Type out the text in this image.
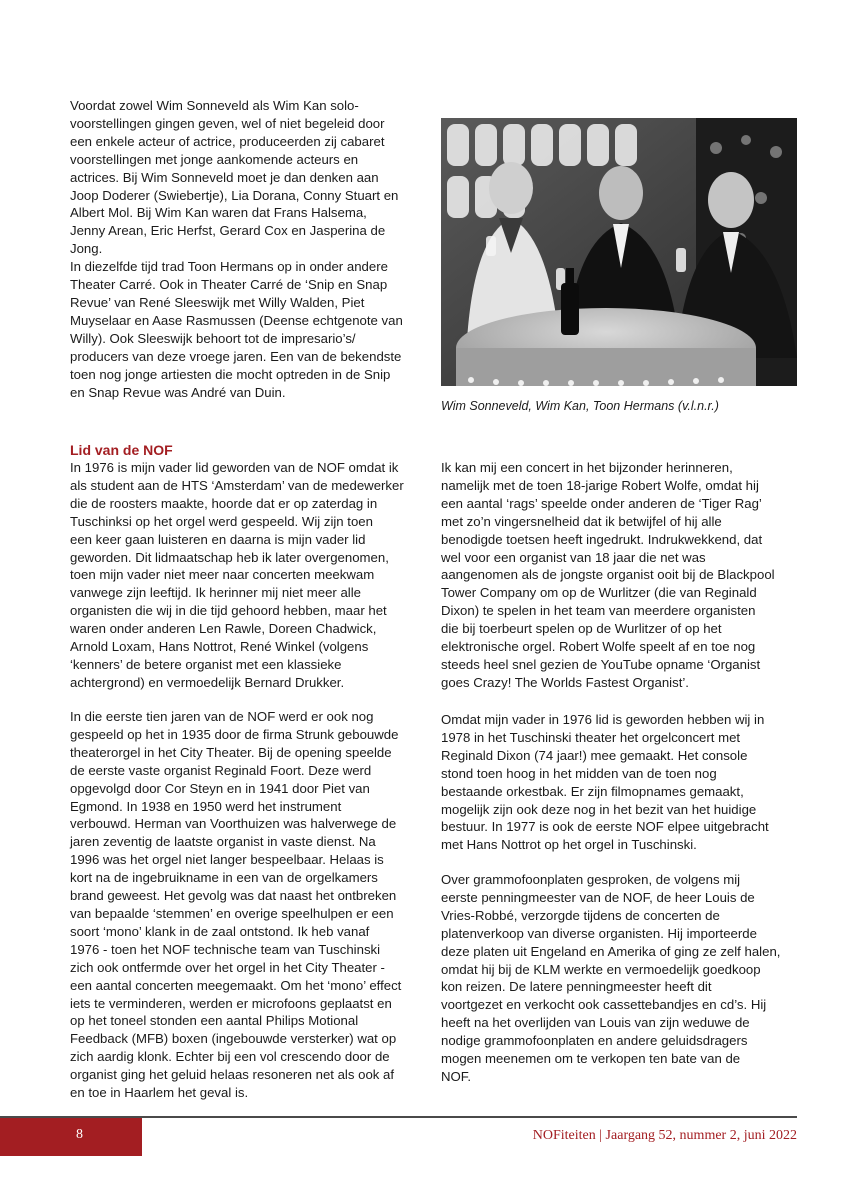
Voordat zowel Wim Sonneveld als Wim Kan solo-
voorstellingen gingen geven, wel of niet begeleid door
een enkele acteur of actrice, produceerden zij cabaret
voorstellingen met jonge aankomende acteurs en
actrices. Bij Wim Sonneveld moet je dan denken aan
Joop Doderer (Swiebertje), Lia Dorana, Conny Stuart en
Albert Mol. Bij Wim Kan waren dat Frans Halsema,
Jenny Arean, Eric Herfst, Gerard Cox en Jasperina de
Jong.
In diezelfde tijd trad Toon Hermans op in onder andere
Theater Carré. Ook in Theater Carré de ‘Snip en Snap
Revue’ van René Sleeswijk met Willy Walden, Piet
Muyselaar en Aase Rasmussen (Deense echtgenote van
Willy). Ook Sleeswijk behoort tot de impresario’s/
producers van deze vroege jaren. Een van de bekendste
toen nog jonge artiesten die mocht optreden in de Snip
en Snap Revue was André van Duin.

Wim Sonneveld, Wim Kan, Toon Hermans (v.l.n.r.)

Lid van de NOF

In 1976 is mijn vader lid geworden van de NOF omdat ik
als student aan de HTS ‘Amsterdam’ van de medewerker
die de roosters maakte, hoorde dat er op zaterdag in
Tuschinksi op het orgel werd gespeeld. Wij zijn toen
een keer gaan luisteren en daarna is mijn vader lid
geworden. Dit lidmaatschap heb ik later overgenomen,
toen mijn vader niet meer naar concerten meekwam
vanwege zijn leeftijd. Ik herinner mij niet meer alle
organisten die wij in die tijd gehoord hebben, maar het
waren onder anderen Len Rawle, Doreen Chadwick,
Arnold Loxam, Hans Nottrot, René Winkel (volgens
‘kenners’ de betere organist met een klassieke
achtergrond) en vermoedelijk Bernard Drukker.

In die eerste tien jaren van de NOF werd er ook nog
gespeeld op het in 1935 door de firma Strunk gebouwde
theaterorgel in het City Theater. Bij de opening speelde
de eerste vaste organist Reginald Foort. Deze werd
opgevolgd door Cor Steyn en in 1941 door Piet van
Egmond. In 1938 en 1950 werd het instrument
verbouwd. Herman van Voorthuizen was halverwege de
jaren zeventig de laatste organist in vaste dienst. Na
1996 was het orgel niet langer bespeelbaar. Helaas is
kort na de ingebruikname in een van de orgelkamers
brand geweest. Het gevolg was dat naast het ontbreken
van bepaalde ‘stemmen’ en overige speelhulpen er een
soort ‘mono’ klank in de zaal ontstond. Ik heb vanaf
1976 - toen het NOF technische team van Tuschinski
zich ook ontfermde over het orgel in het City Theater -
een aantal concerten meegemaakt. Om het ‘mono’ effect
iets te verminderen, werden er microfoons geplaatst en
op het toneel stonden een aantal Philips Motional
Feedback (MFB) boxen (ingebouwde versterker) wat op
zich aardig klonk. Echter bij een vol crescendo door de
organist ging het geluid helaas resoneren net als ook af
en toe in Haarlem het geval is.

Ik kan mij een concert in het bijzonder herinneren,
namelijk met de toen 18-jarige Robert Wolfe, omdat hij
een aantal ‘rags’ speelde onder anderen de ‘Tiger Rag’
met zo’n vingersnelheid dat ik betwijfel of hij alle
benodigde toetsen heeft ingedrukt. Indrukwekkend, dat
wel voor een organist van 18 jaar die net was
aangenomen als de jongste organist ooit bij de Blackpool
Tower Company om op de Wurlitzer (die van Reginald
Dixon) te spelen in het team van meerdere organisten
die bij toerbeurt spelen op de Wurlitzer of op het
elektronische orgel. Robert Wolfe speelt af en toe nog
steeds heel snel gezien de YouTube opname ‘Organist
goes Crazy! The Worlds Fastest Organist’.

Omdat mijn vader in 1976 lid is geworden hebben wij in
1978 in het Tuschinski theater het orgelconcert met
Reginald Dixon (74 jaar!) mee gemaakt. Het console
stond toen hoog in het midden van de toen nog
bestaande orkestbak. Er zijn filmopnames gemaakt,
mogelijk zijn ook deze nog in het bezit van het huidige
bestuur. In 1977 is ook de eerste NOF elpee uitgebracht
met Hans Nottrot op het orgel in Tuschinski.

Over grammofoonplaten gesproken, de volgens mij
eerste penningmeester van de NOF, de heer Louis de
Vries-Robbé, verzorgde tijdens de concerten de
platenverkoop van diverse organisten. Hij importeerde
deze platen uit Engeland en Amerika of ging ze zelf halen,
omdat hij bij de KLM werkte en vermoedelijk goedkoop
kon reizen. De latere penningmeester heeft dit
voortgezet en verkocht ook cassettebandjes en cd’s. Hij
heeft na het overlijden van Louis van zijn weduwe de
nodige grammofoonplaten en andere geluidsdragers
mogen meenemen om te verkopen ten bate van de
NOF.

8	NOFiteiten | Jaargang 52, nummer 2, juni 2022
